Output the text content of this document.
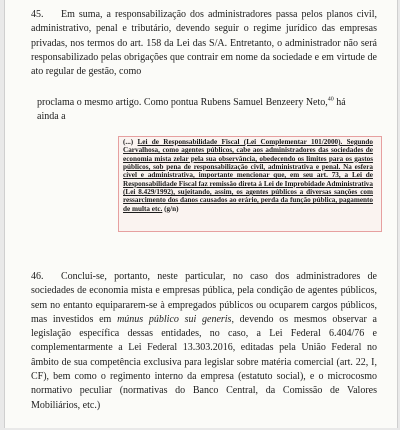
45. Em suma, a responsabilização dos administradores passa pelos planos civil, administrativo, penal e tributário, devendo seguir o regime jurídico das empresas privadas, nos termos do art. 158 da Lei das S/A. Entretanto, o administrador não será responsabilizado pelas obrigações que contrair em nome da sociedade e em virtude de ato regular de gestão, como
proclama o mesmo artigo. Como pontua Rubens Samuel Benzeery Neto,$^{40}$ há
ainda a
(...) Lei de Responsabilidade Fiscal (Lei Complementar 101/2000). Segundo Carvalhosa, como agentes públicos, cabe aos administradores das sociedades de economia mista zelar pela sua observância, obedecendo os limites para os gastos públicos, sob pena de responsabilização civil, administrativa e penal. Na esfera cível e administrativa, importante mencionar que, em seu art. 73, a Lei de Responsabilidade Fiscal faz remissão direta à Lei de Improbidade Administrativa (Lei 8.429/1992), sujeitando, assim, os agentes públicos a diversas sanções com ressarcimento dos danos causados ao erário, perda da função pública, pagamento de multa etc. (g/n)
46. Conclui-se, portanto, neste particular, no caso dos administradores de sociedades de economia mista e empresas pública, pela condição de agentes públicos, sem no entanto equipararem-se à empregados públicos ou ocuparem cargos públicos, mas investidos em múnus público sui generis, devendo os mesmos observar a legislação específica dessas entidades, no caso, a Lei Federal 6.404/76 e complementarmente a Lei Federal 13.303.2016, editadas pela União Federal no âmbito de sua competência exclusiva para legislar sobre matéria comercial (art. 22, I, CF), bem como o regimento interno da empresa (estatuto social), e o microcosmo normativo peculiar (normativas do Banco Central, da Comissão de Valores Mobiliários, etc.)
